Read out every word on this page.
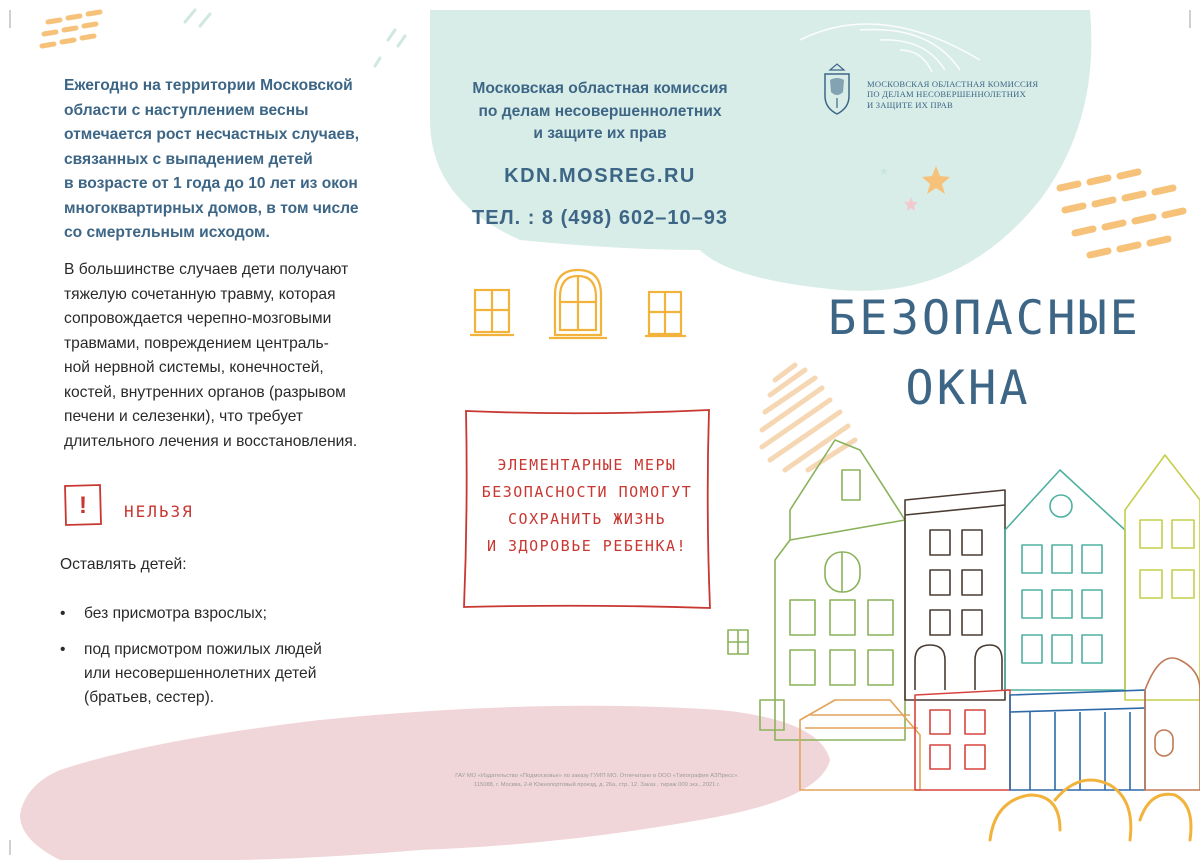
Ежегодно на территории Московской
области с наступлением весны
отмечается рост несчастных случаев,
связанных с выпадением детей
в возрасте от 1 года до 10 лет из окон
многоквартирных домов, в том числе
со смертельным исходом.
В большинстве случаев дети получают
тяжелую сочетанную травму, которая
сопровождается черепно-мозговыми
травмами, повреждением централь-
ной нервной системы, конечностей,
костей, внутренних органов (разрывом
печени и селезенки), что требует
длительного лечения и восстановления.
! НЕЛЬЗЯ
Оставлять детей:
• без присмотра взрослых;
• под присмотром пожилых людей
или несовершеннолетних детей
(братьев, сестер).
Московская областная комиссия
по делам несовершеннолетних
и защите их прав
KDN.MOSREG.RU
ТЕЛ. : 8 (498) 602–10–93
ЭЛЕМЕНТАРНЫЕ МЕРЫ
БЕЗОПАСНОСТИ ПОМОГУТ
СОХРАНИТЬ ЖИЗНЬ
И ЗДОРОВЬЕ РЕБЕНКА!
ГАУ МО «Издательство «Подмосковье» по заказу ГУИП МО. Отпечатано в ООО «Типография АЗПресс».
115088, г. Москва, 2-й Южнопортовый проезд, д. 26а, стр. 12. Заказ , тираж 000 экз., 2021 г.
МОСКОВСКАЯ ОБЛАСТНАЯ КОМИССИЯ
ПО ДЕЛАМ НЕСОВЕРШЕННОЛЕТНИХ
И ЗАЩИТЕ ИХ ПРАВ
БЕЗОПАСНЫЕ
ОКНА
